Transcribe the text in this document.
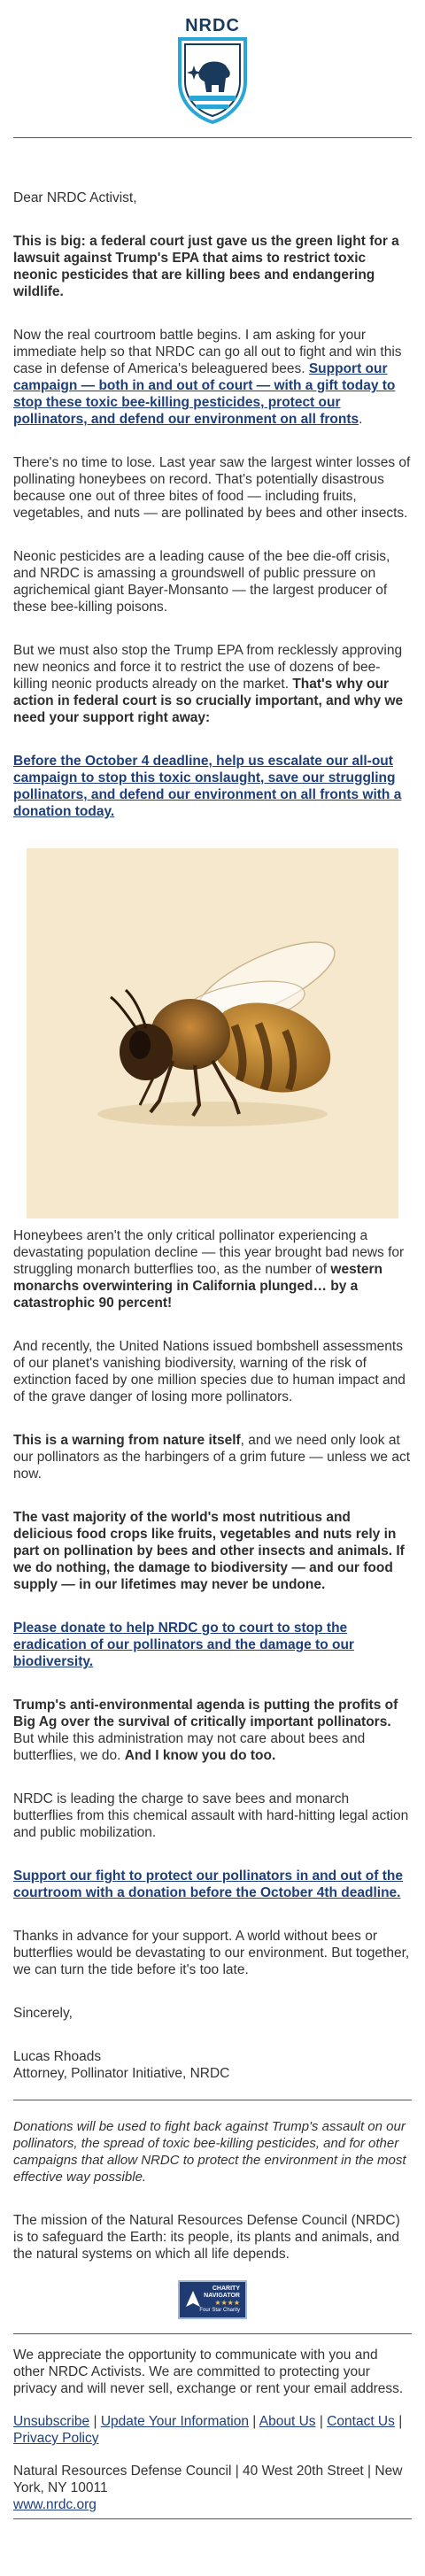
NRDC

Dear NRDC Activist,

This is big: a federal court just gave us the green light for a lawsuit against Trump's EPA that aims to restrict toxic neonic pesticides that are killing bees and endangering wildlife.

Now the real courtroom battle begins. I am asking for your immediate help so that NRDC can go all out to fight and win this case in defense of America's beleaguered bees. Support our campaign — both in and out of court — with a gift today to stop these toxic bee-killing pesticides, protect our pollinators, and defend our environment on all fronts.

There's no time to lose. Last year saw the largest winter losses of pollinating honeybees on record. That's potentially disastrous because one out of three bites of food — including fruits, vegetables, and nuts — are pollinated by bees and other insects.

Neonic pesticides are a leading cause of the bee die-off crisis, and NRDC is amassing a groundswell of public pressure on agrichemical giant Bayer-Monsanto — the largest producer of these bee-killing poisons.

But we must also stop the Trump EPA from recklessly approving new neonics and force it to restrict the use of dozens of bee-killing neonic products already on the market. That's why our action in federal court is so crucially important, and why we need your support right away:

Before the October 4 deadline, help us escalate our all-out campaign to stop this toxic onslaught, save our struggling pollinators, and defend our environment on all fronts with a donation today.

Honeybees aren't the only critical pollinator experiencing a devastating population decline — this year brought bad news for struggling monarch butterflies too, as the number of western monarchs overwintering in California plunged… by a catastrophic 90 percent!

And recently, the United Nations issued bombshell assessments of our planet's vanishing biodiversity, warning of the risk of extinction faced by one million species due to human impact and of the grave danger of losing more pollinators.

This is a warning from nature itself, and we need only look at our pollinators as the harbingers of a grim future — unless we act now.

The vast majority of the world's most nutritious and delicious food crops like fruits, vegetables and nuts rely in part on pollination by bees and other insects and animals. If we do nothing, the damage to biodiversity — and our food supply — in our lifetimes may never be undone.

Please donate to help NRDC go to court to stop the eradication of our pollinators and the damage to our biodiversity.

Trump's anti-environmental agenda is putting the profits of Big Ag over the survival of critically important pollinators. But while this administration may not care about bees and butterflies, we do. And I know you do too.

NRDC is leading the charge to save bees and monarch butterflies from this chemical assault with hard-hitting legal action and public mobilization.

Support our fight to protect our pollinators in and out of the courtroom with a donation before the October 4th deadline.

Thanks in advance for your support. A world without bees or butterflies would be devastating to our environment. But together, we can turn the tide before it's too late.

Sincerely,

Lucas Rhoads

Attorney, Pollinator Initiative, NRDC

Donations will be used to fight back against Trump's assault on our pollinators, the spread of toxic bee-killing pesticides, and for other campaigns that allow NRDC to protect the environment in the most effective way possible.

The mission of the Natural Resources Defense Council (NRDC) is to safeguard the Earth: its people, its plants and animals, and the natural systems on which all life depends.

CHARITY
NAVIGATOR
★★★★
Four Star Charity

We appreciate the opportunity to communicate with you and other NRDC Activists. We are committed to protecting your privacy and will never sell, exchange or rent your email address.

Unsubscribe | Update Your Information | About Us | Contact Us | Privacy Policy

Natural Resources Defense Council | 40 West 20th Street | New York, NY 10011

www.nrdc.org
